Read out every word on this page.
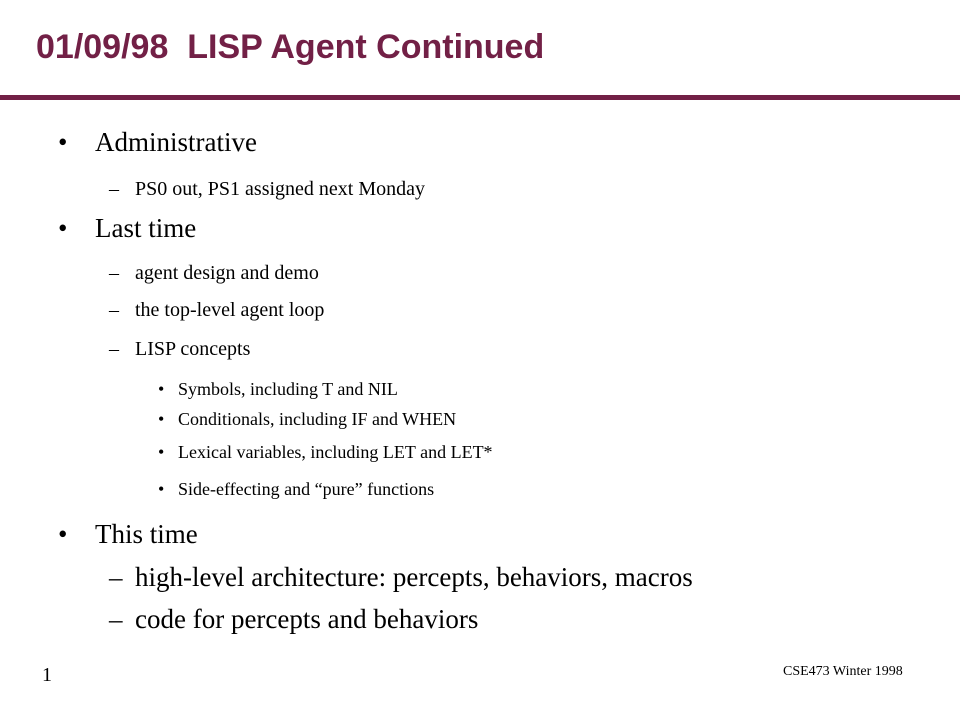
01/09/98  LISP Agent Continued
• Administrative
– PS0 out, PS1 assigned next Monday
• Last time
– agent design and demo
– the top-level agent loop
– LISP concepts
• Symbols, including T and NIL
• Conditionals, including IF and WHEN
• Lexical variables, including LET and LET*
• Side-effecting and “pure” functions
• This time
– high-level architecture: percepts, behaviors, macros
– code for percepts and behaviors
1	CSE473 Winter 1998
